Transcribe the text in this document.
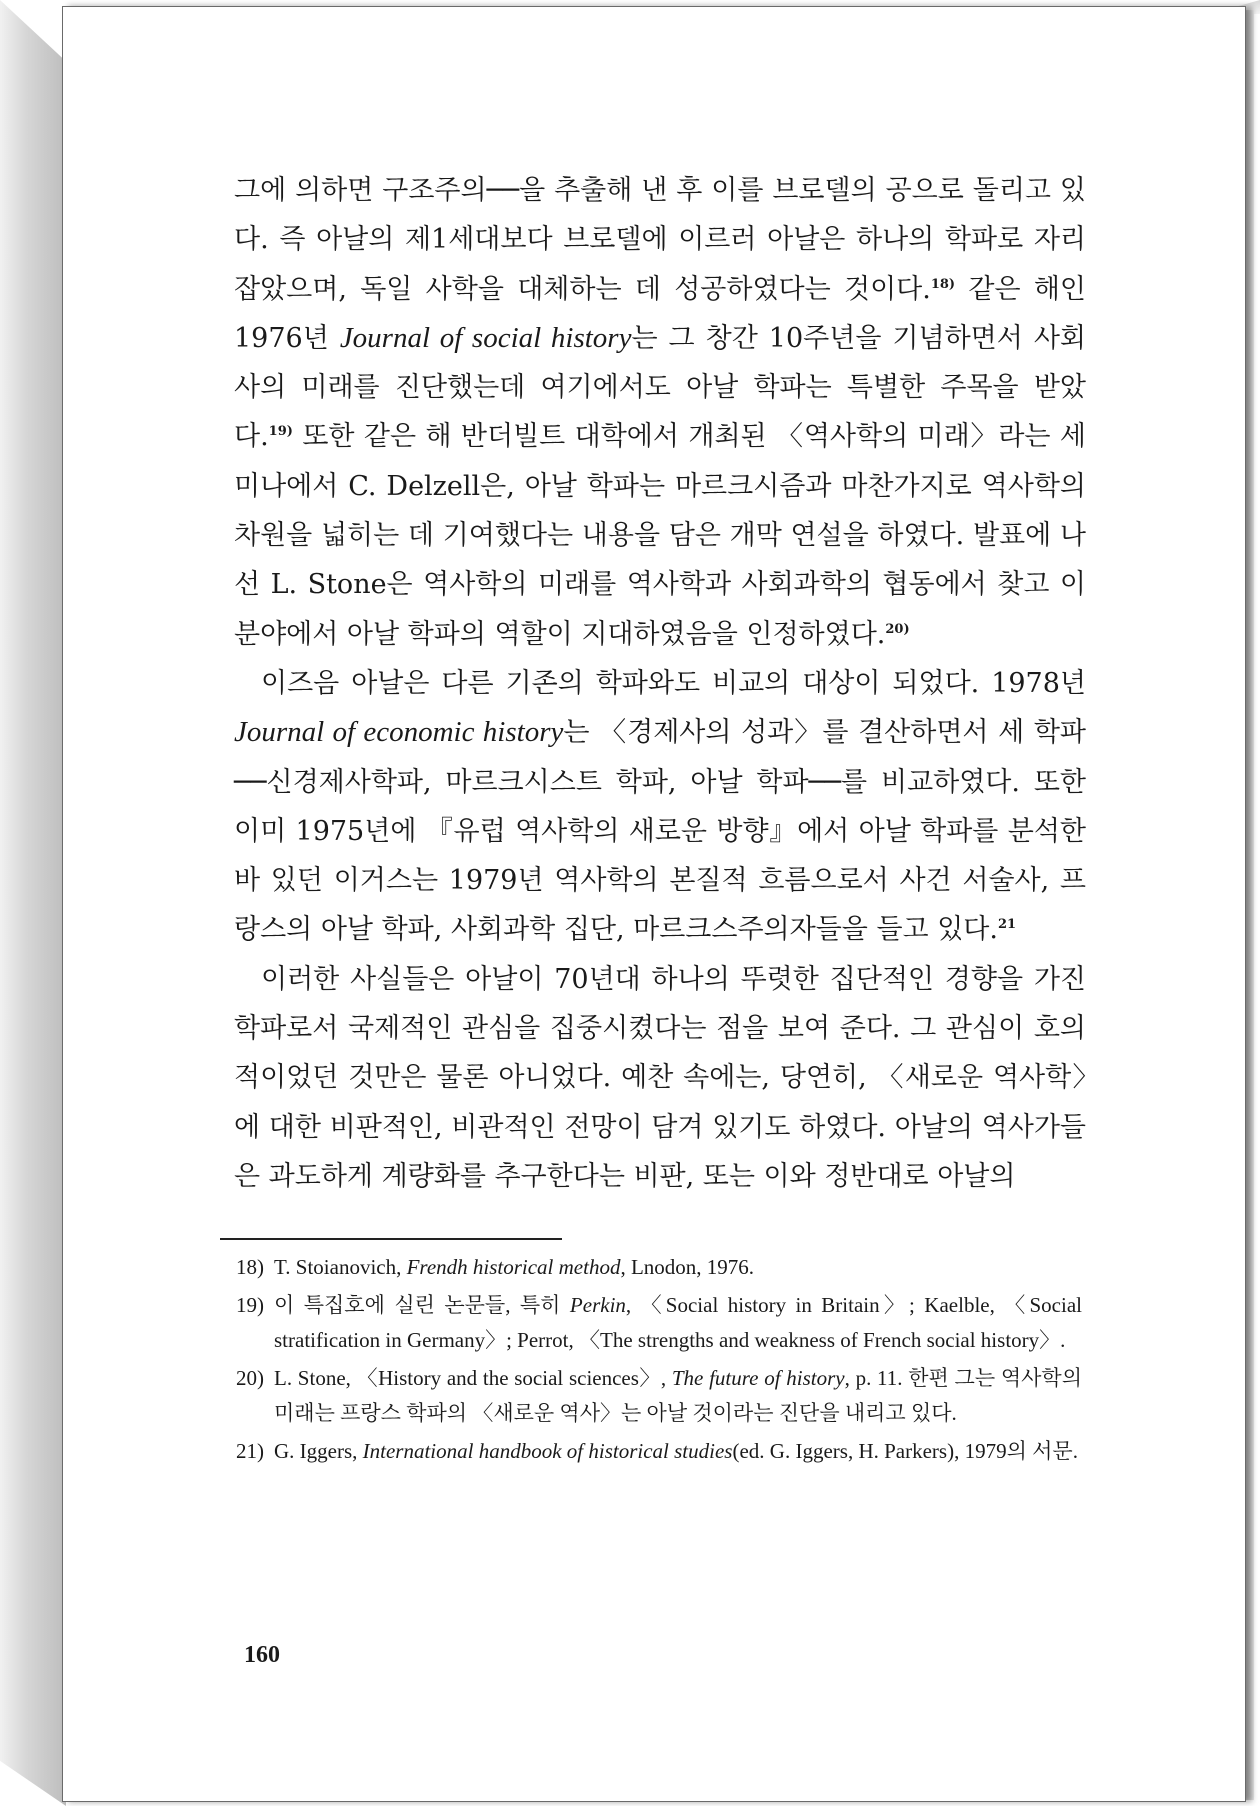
그에 의하면 구조주의──을 추출해 낸 후 이를 브로델의 공으로 돌리고 있다. 즉 아날의 제1세대보다 브로델에 이르러 아날은 하나의 학파로 자리잡았으며, 독일 사학을 대체하는 데 성공하였다는 것이다.$^{18)}$ 같은 해인 1976년 Journal of social history는 그 창간 10주년을 기념하면서 사회사의 미래를 진단했는데 여기에서도 아날 학파는 특별한 주목을 받았다.$^{19)}$ 또한 같은 해 반더빌트 대학에서 개최된 〈역사학의 미래〉라는 세미나에서 C. Delzell은, 아날 학파는 마르크시즘과 마찬가지로 역사학의 차원을 넓히는 데 기여했다는 내용을 담은 개막 연설을 하였다. 발표에 나선 L. Stone은 역사학의 미래를 역사학과 사회과학의 협동에서 찾고 이 분야에서 아날 학파의 역할이 지대하였음을 인정하였다.$^{20)}$

이즈음 아날은 다른 기존의 학파와도 비교의 대상이 되었다. 1978년 Journal of economic history는 〈경제사의 성과〉를 결산하면서 세 학파──신경제사학파, 마르크시스트 학파, 아날 학파──를 비교하였다. 또한 이미 1975년에 『유럽 역사학의 새로운 방향』에서 아날 학파를 분석한 바 있던 이거스는 1979년 역사학의 본질적 흐름으로서 사건 서술사, 프랑스의 아날 학파, 사회과학 집단, 마르크스주의자들을 들고 있다.$^{21}$

이러한 사실들은 아날이 70년대 하나의 뚜렷한 집단적인 경향을 가진 학파로서 국제적인 관심을 집중시켰다는 점을 보여 준다. 그 관심이 호의적이었던 것만은 물론 아니었다. 예찬 속에는, 당연히, 〈새로운 역사학〉에 대한 비판적인, 비관적인 전망이 담겨 있기도 하였다. 아날의 역사가들은 과도하게 계량화를 추구한다는 비판, 또는 이와 정반대로 아날의

18) T. Stoianovich, Frendh historical method, Lnodon, 1976.
19) 이 특집호에 실린 논문들, 특히 Perkin, 〈Social history in Britain〉; Kaelble, 〈Social stratification in Germany〉; Perrot, 〈The strengths and weakness of French social history〉.
20) L. Stone, 〈History and the social sciences〉, The future of history, p. 11. 한편 그는 역사학의 미래는 프랑스 학파의 〈새로운 역사〉는 아날 것이라는 진단을 내리고 있다.
21) G. Iggers, International handbook of historical studies(ed. G. Iggers, H. Parkers), 1979의 서문.
160
